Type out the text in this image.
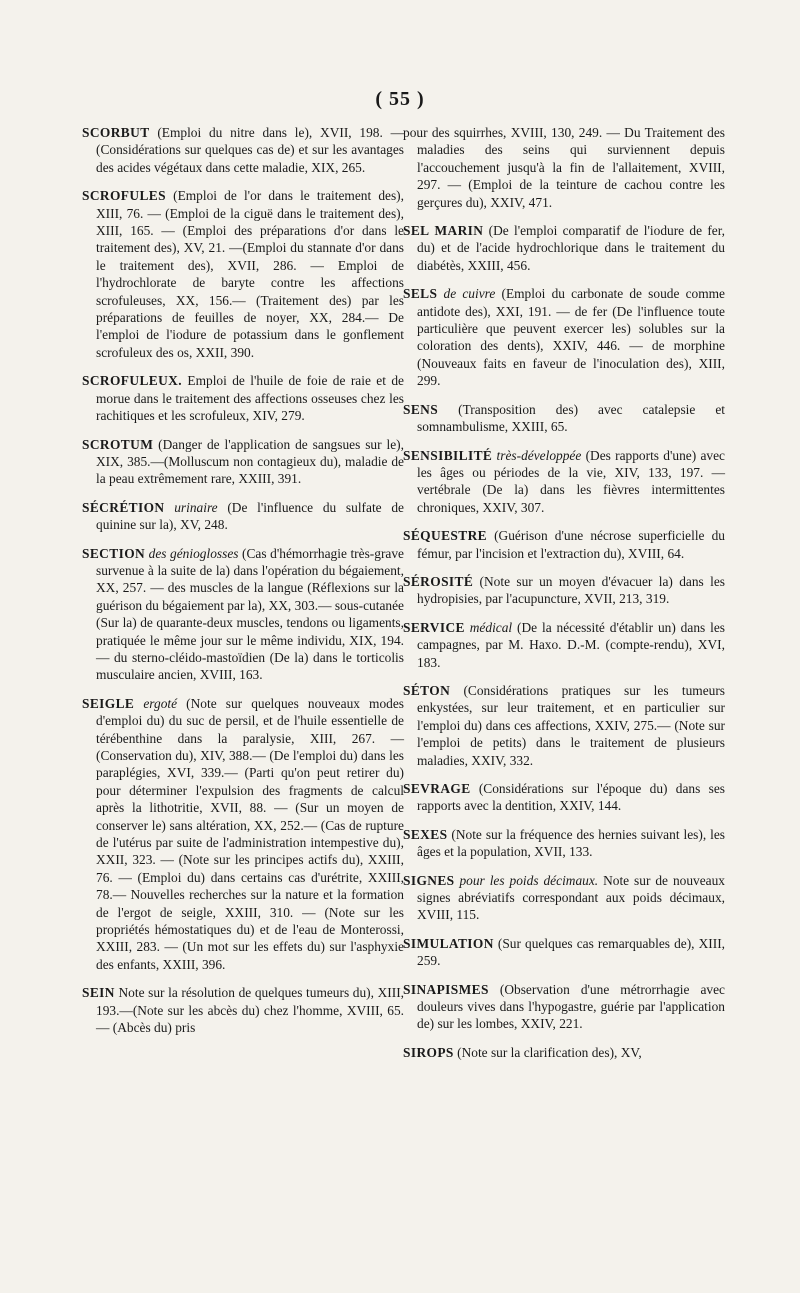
( 55 )

SCORBUT (Emploi du nitre dans le), XVII, 198. — (Considérations sur quelques cas de) et sur les avantages des acides végétaux dans cette maladie, XIX, 265.

SCROFULES (Emploi de l'or dans le traitement des), XIII, 76. — (Emploi de la ciguë dans le traitement des), XIII, 165. — (Emploi des préparations d'or dans le traitement des), XV, 21. —(Emploi du stannate d'or dans le traitement des), XVII, 286. — Emploi de l'hydrochlorate de baryte contre les affections scrofuleuses, XX, 156.— (Traitement des) par les préparations de feuilles de noyer, XX, 284.— De l'emploi de l'iodure de potassium dans le gonflement scrofuleux des os, XXII, 390.

SCROFULEUX. Emploi de l'huile de foie de raie et de morue dans le traitement des affections osseuses chez les rachitiques et les scrofuleux, XIV, 279.

SCROTUM (Danger de l'application de sangsues sur le), XIX, 385.—(Molluscum non contagieux du), maladie de la peau extrêmement rare, XXIII, 391.

SÉCRÉTION urinaire (De l'influence du sulfate de quinine sur la), XV, 248.

SECTION des génioglosses (Cas d'hémorrhagie très-grave survenue à la suite de la) dans l'opération du bégaiement, XX, 257. — des muscles de la langue (Réflexions sur la guérison du bégaiement par la), XX, 303.— sous-cutanée (Sur la) de quarante-deux muscles, tendons ou ligaments, pratiquée le même jour sur le même individu, XIX, 194.— du sterno-cléido-mastoïdien (De la) dans le torticolis musculaire ancien, XVIII, 163.

SEIGLE ergoté (Note sur quelques nouveaux modes d'emploi du) du suc de persil, et de l'huile essentielle de térébenthine dans la paralysie, XIII, 267. — (Conservation du), XIV, 388.— (De l'emploi du) dans les paraplégies, XVI, 339.— (Parti qu'on peut retirer du) pour déterminer l'expulsion des fragments de calcul après la lithotritie, XVII, 88. — (Sur un moyen de conserver le) sans altération, XX, 252.— (Cas de rupture de l'utérus par suite de l'administration intempestive du), XXII, 323. — (Note sur les principes actifs du), XXIII, 76. — (Emploi du) dans certains cas d'urétrite, XXIII, 78.— Nouvelles recherches sur la nature et la formation de l'ergot de seigle, XXIII, 310. — (Note sur les propriétés hémostatiques du) et de l'eau de Monterossi, XXIII, 283. — (Un mot sur les effets du) sur l'asphyxie des enfants, XXIII, 396.

SEIN Note sur la résolution de quelques tumeurs du), XIII, 193.—(Note sur les abcès du) chez l'homme, XVIII, 65. — (Abcès du) pris

pour des squirrhes, XVIII, 130, 249. — Du Traitement des maladies des seins qui surviennent depuis l'accouchement jusqu'à la fin de l'allaitement, XVIII, 297. — (Emploi de la teinture de cachou contre les gerçures du), XXIV, 471.

SEL MARIN (De l'emploi comparatif de l'iodure de fer, du) et de l'acide hydrochlorique dans le traitement du diabétès, XXIII, 456.

SELS de cuivre (Emploi du carbonate de soude comme antidote des), XXI, 191. — de fer (De l'influence toute particulière que peuvent exercer les) solubles sur la coloration des dents), XXIV, 446. — de morphine (Nouveaux faits en faveur de l'inoculation des), XIII, 299.

SENS (Transposition des) avec catalepsie et somnambulisme, XXIII, 65.

SENSIBILITÉ très-développée (Des rapports d'une) avec les âges ou périodes de la vie, XIV, 133, 197. — vertébrale (De la) dans les fièvres intermittentes chroniques, XXIV, 307.

SÉQUESTRE (Guérison d'une nécrose superficielle du fémur, par l'incision et l'extraction du), XVIII, 64.

SÉROSITÉ (Note sur un moyen d'évacuer la) dans les hydropisies, par l'acupuncture, XVII, 213, 319.

SERVICE médical (De la nécessité d'établir un) dans les campagnes, par M. Haxo. D.-M. (compte-rendu), XVI, 183.

SÉTON (Considérations pratiques sur les tumeurs enkystées, sur leur traitement, et en particulier sur l'emploi du) dans ces affections, XXIV, 275.— (Note sur l'emploi de petits) dans le traitement de plusieurs maladies, XXIV, 332.

SEVRAGE (Considérations sur l'époque du) dans ses rapports avec la dentition, XXIV, 144.

SEXES (Note sur la fréquence des hernies suivant les), les âges et la population, XVII, 133.

SIGNES pour les poids décimaux. Note sur de nouveaux signes abréviatifs correspondant aux poids décimaux, XVIII, 115.

SIMULATION (Sur quelques cas remarquables de), XIII, 259.

SINAPISMES (Observation d'une métrorrhagie avec douleurs vives dans l'hypogastre, guérie par l'application de) sur les lombes, XXIV, 221.

SIROPS (Note sur la clarification des), XV,
